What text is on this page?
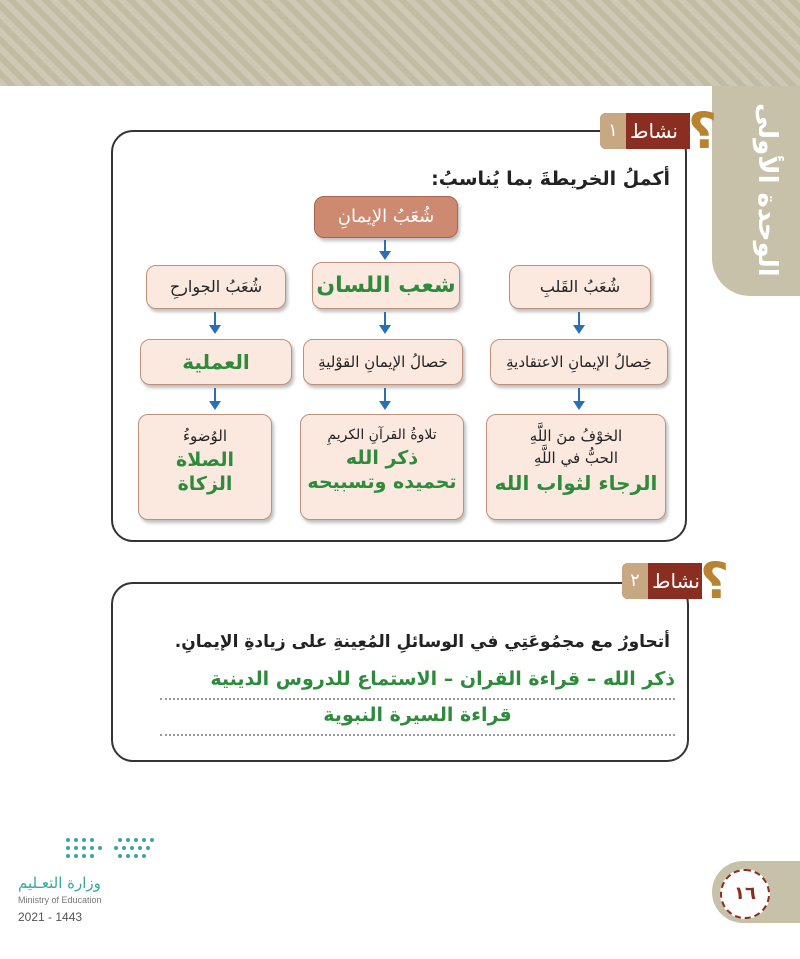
الوحدة الأولى
١ نشاط ؟
أكملُ الخريطةَ بما يُناسبُ:
شُعَبُ الإيمانِ
شُعَبُ القَلبِ
شعب اللسان
شُعَبُ الجوارحِ
خِصالُ الإيمانِ الاعتقاديةِ
خصالُ الإيمانِ القوْليةِ
العملية
الخوْفُ منَ اللَّهِ
الحبُّ في اللَّهِ
الرجاء لثواب الله
تلاوةُ القرآنِ الكريمِ
ذكر الله
تحميده وتسبيحه
الوُضوءُ
الصلاة
الزكاة
٢ نشاط ؟
أتحاورُ مع مجمُوعَتِي في الوسائلِ المُعِينةِ على زيادةِ الإيمانِ.
ذكر الله – قراءة القران – الاستماع للدروس الدينية
قراءة السيرة النبوية
وزارة التعـليم
Ministry of Education
2021 - 1443
١٦
